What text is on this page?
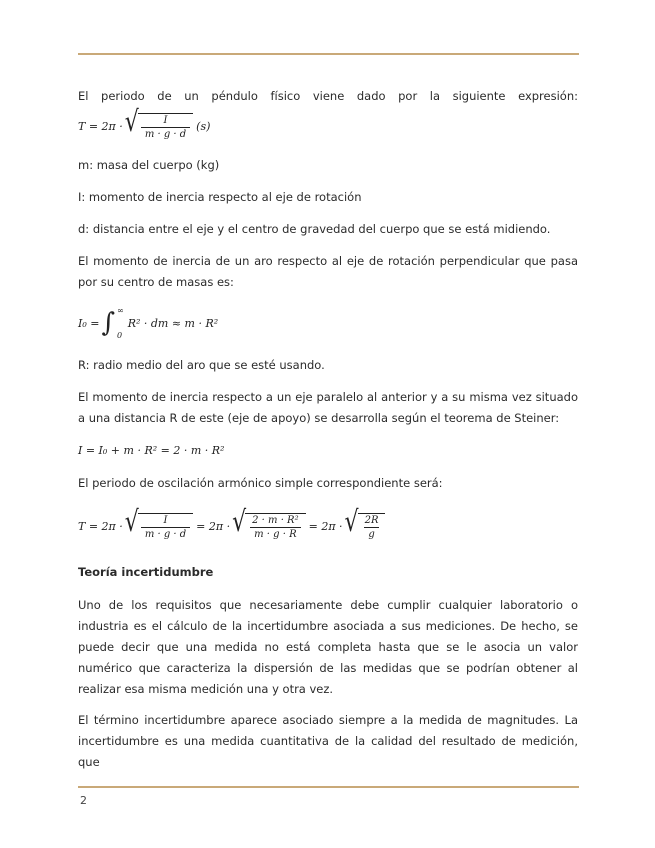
El periodo de un péndulo físico viene dado por la siguiente expresión:

T = 2π · √ $\frac{I}{m \cdot g \cdot d} (s)$

m: masa del cuerpo (kg)

I: momento de inercia respecto al eje de rotación

d: distancia entre el eje y el centro de gravedad del cuerpo que se está midiendo.

El momento de inercia de un aro respecto al eje de rotación perpendicular que pasa por su centro de masas es:

I₀ = ∫ ∞
0
R² · dm ≈ m · R²

R: radio medio del aro que se esté usando.

El momento de inercia respecto a un eje paralelo al anterior y a su misma vez situado a una distancia R de este (eje de apoyo) se desarrolla según el teorema de Steiner:

I = I₀ + m · R² = 2 · m · R²

El periodo de oscilación armónico simple correspondiente será:

T = 2π · √ $\frac{I}{m \cdot g \cdot d} = 2\pi$ · √ $\frac{\text{2 · m · R²}}{m \cdot g \cdot R} = 2\pi$ · √ $\frac{2R}{g}$

Teoría incertidumbre

Uno de los requisitos que necesariamente debe cumplir cualquier laboratorio o industria es el cálculo de la incertidumbre asociada a sus mediciones. De hecho, se puede decir que una medida no está completa hasta que se le asocia un valor numérico que caracteriza la dispersión de las medidas que se podrían obtener al realizar esa misma medición una y otra vez.

El término incertidumbre aparece asociado siempre a la medida de magnitudes. La incertidumbre es una medida cuantitativa de la calidad del resultado de medición, que

2
